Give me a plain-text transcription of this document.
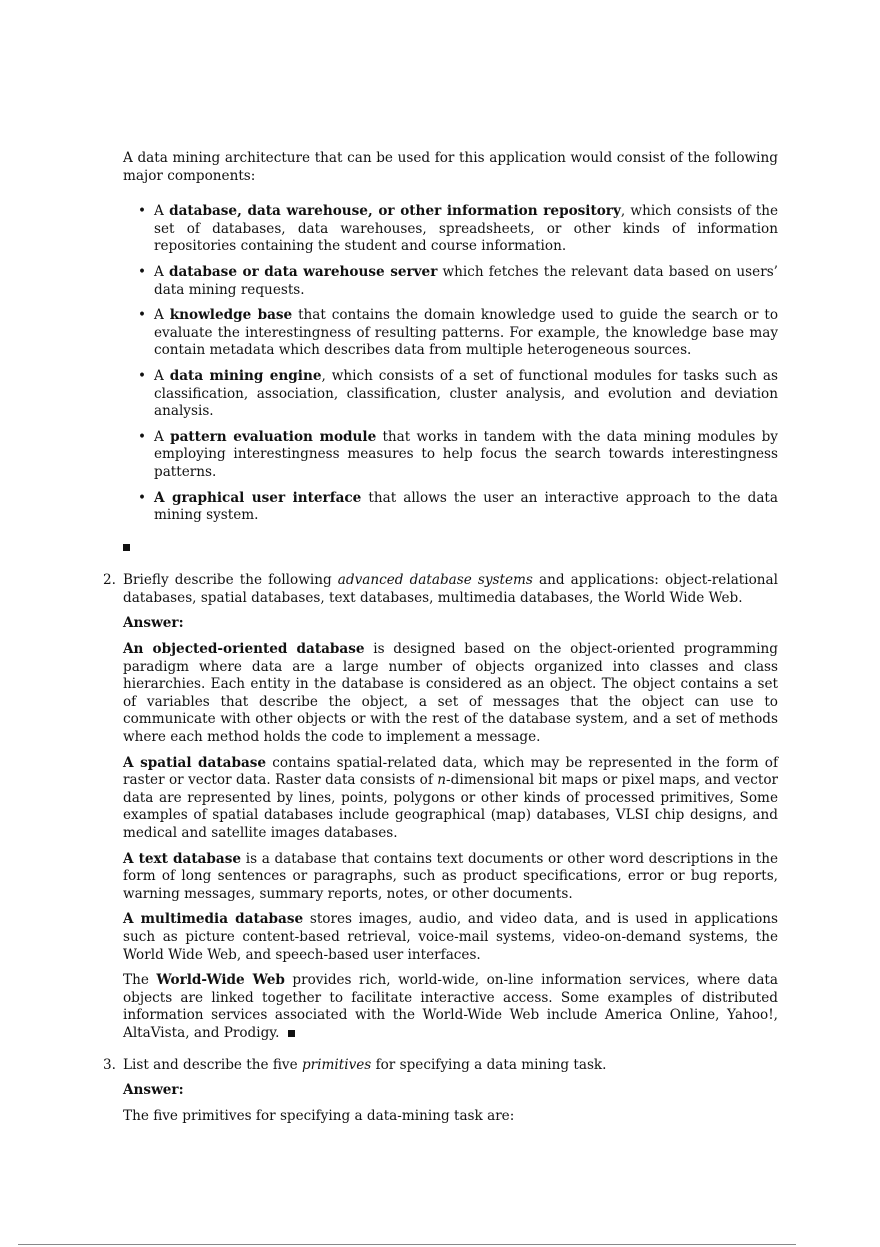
A data mining architecture that can be used for this application would consist of the following major components:

• A database, data warehouse, or other information repository, which consists of the set of databases, data warehouses, spreadsheets, or other kinds of information repositories containing the student and course information.
• A database or data warehouse server which fetches the relevant data based on users’ data mining requests.
• A knowledge base that contains the domain knowledge used to guide the search or to evaluate the interestingness of resulting patterns. For example, the knowledge base may contain metadata which describes data from multiple heterogeneous sources.
• A data mining engine, which consists of a set of functional modules for tasks such as classification, association, classification, cluster analysis, and evolution and deviation analysis.
• A pattern evaluation module that works in tandem with the data mining modules by employing interestingness measures to help focus the search towards interestingness patterns.
• A graphical user interface that allows the user an interactive approach to the data mining system.
2. Briefly describe the following advanced database systems and applications: object-relational databases, spatial databases, text databases, multimedia databases, the World Wide Web.

Answer:

An objected-oriented database is designed based on the object-oriented programming paradigm where data are a large number of objects organized into classes and class hierarchies. Each entity in the database is considered as an object. The object contains a set of variables that describe the object, a set of messages that the object can use to communicate with other objects or with the rest of the database system, and a set of methods where each method holds the code to implement a message.

A spatial database contains spatial-related data, which may be represented in the form of raster or vector data. Raster data consists of n-dimensional bit maps or pixel maps, and vector data are represented by lines, points, polygons or other kinds of processed primitives, Some examples of spatial databases include geographical (map) databases, VLSI chip designs, and medical and satellite images databases.

A text database is a database that contains text documents or other word descriptions in the form of long sentences or paragraphs, such as product specifications, error or bug reports, warning messages, summary reports, notes, or other documents.

A multimedia database stores images, audio, and video data, and is used in applications such as picture content-based retrieval, voice-mail systems, video-on-demand systems, the World Wide Web, and speech-based user interfaces.

The World-Wide Web provides rich, world-wide, on-line information services, where data objects are linked together to facilitate interactive access. Some examples of distributed information services associated with the World-Wide Web include America Online, Yahoo!, AltaVista, and Prodigy.

3. List and describe the five primitives for specifying a data mining task.

Answer:

The five primitives for specifying a data-mining task are:
